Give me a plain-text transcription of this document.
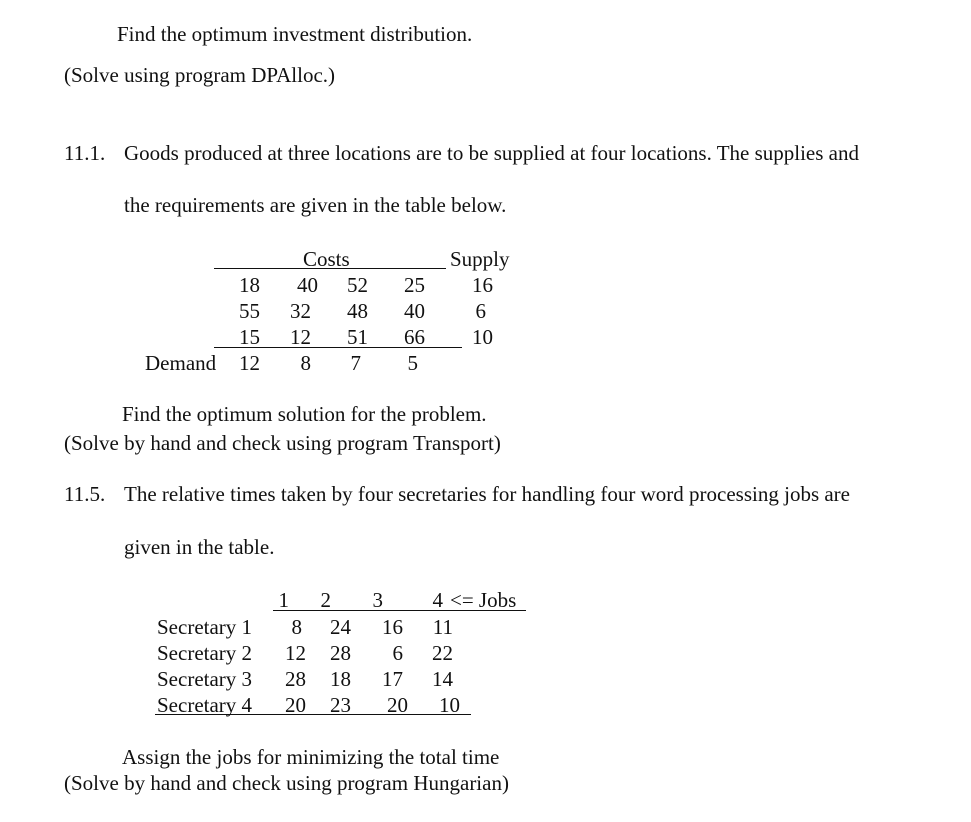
Find the optimum investment distribution.
(Solve using program DPAlloc.)
11.1. Goods produced at three locations are to be supplied at four locations. The supplies and
the requirements are given in the table below.
Costs	Supply
18	40	52	25	16
55	32	48	40	6
15	12	51	66	10
Demand	12	8	7	5
Find the optimum solution for the problem.
(Solve by hand and check using program Transport)
11.5. The relative times taken by four secretaries for handling four word processing jobs are
given in the table.
1	2	3	4 <= Jobs
Secretary 1	8	24	16	11
Secretary 2	12	28	6	22
Secretary 3	28	18	17	14
Secretary 4	20	23	20	10
Assign the jobs for minimizing the total time
(Solve by hand and check using program Hungarian)
